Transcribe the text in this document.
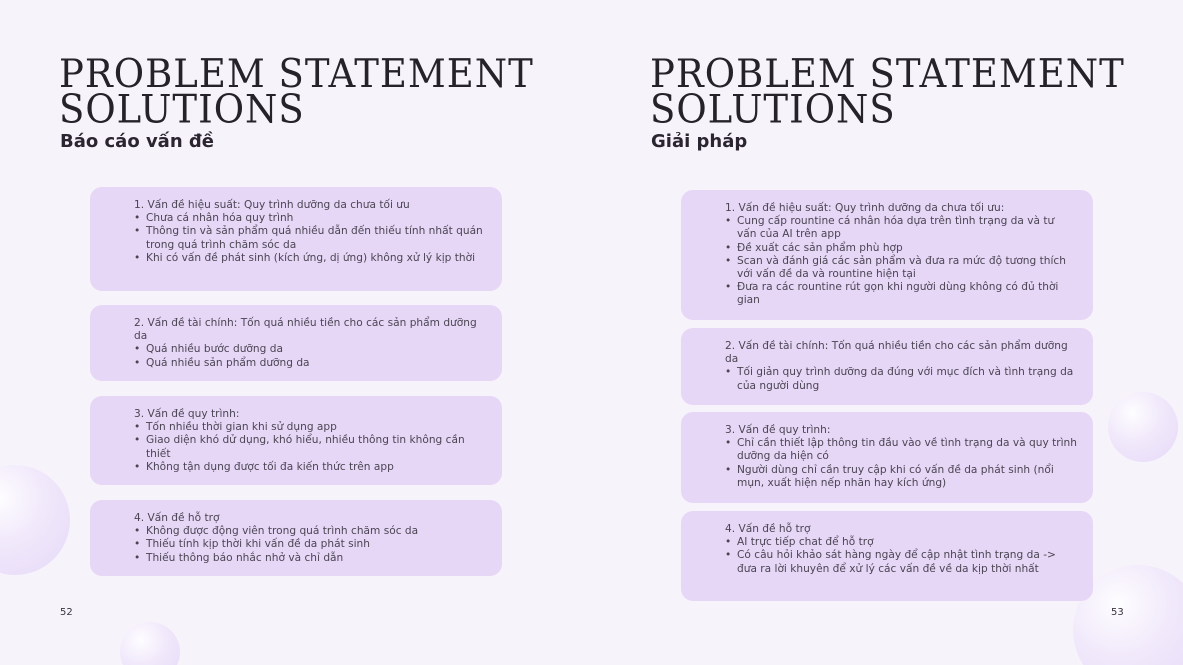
PROBLEM STATEMENT
SOLUTIONS
Báo cáo vấn đề
1. Vấn đề hiệu suất: Quy trình dưỡng da chưa tối ưu
• Chưa cá nhân hóa quy trình
• Thông tin và sản phẩm quá nhiều dẫn đến thiếu tính nhất quán trong quá trình chăm sóc da
• Khi có vấn đề phát sinh (kích ứng, dị ứng) không xử lý kịp thời
2. Vấn đề tài chính: Tốn quá nhiều tiền cho các sản phẩm dưỡng da
• Quá nhiều bước dưỡng da
• Quá nhiều sản phẩm dưỡng da
3. Vấn đề quy trình:
• Tốn nhiều thời gian khi sử dụng app
• Giao diện khó dử dụng, khó hiểu, nhiều thông tin không cần thiết
• Không tận dụng được tối đa kiến thức trên app
4. Vấn đề hỗ trợ
• Không được động viên trong quá trình chăm sóc da
• Thiếu tính kịp thời khi vấn đề da phát sinh
• Thiếu thông báo nhắc nhở và chỉ dẫn
52
PROBLEM STATEMENT
SOLUTIONS
Giải pháp
1. Vấn đề hiệu suất: Quy trình dưỡng da chưa tối ưu:
• Cung cấp rountine cá nhân hóa dựa trên tình trạng da và tư vấn của AI trên app
• Đề xuất các sản phẩm phù hợp
• Scan và đánh giá các sản phẩm và đưa ra mức độ tương thích với vấn đề da và rountine hiện tại
• Đưa ra các rountine rút gọn khi người dùng không có đủ thời gian
2. Vấn đề tài chính: Tốn quá nhiều tiền cho các sản phẩm dưỡng da
• Tối giản quy trình dưỡng da đúng với mục đích và tình trạng da của người dùng
3. Vấn đề quy trình:
• Chỉ cần thiết lập thông tin đầu vào về tình trạng da và quy trình dưỡng da hiện có
• Người dùng chỉ cần truy cập khi có vấn đề da phát sinh (nổi mụn, xuất hiện nếp nhăn hay kích ứng)
4. Vấn đề hỗ trợ
• AI trực tiếp chat để hỗ trợ
• Có câu hỏi khảo sát hàng ngày để cập nhật tình trạng da -> đưa ra lời khuyên để xử lý các vấn đề về da kịp thời nhất
53
